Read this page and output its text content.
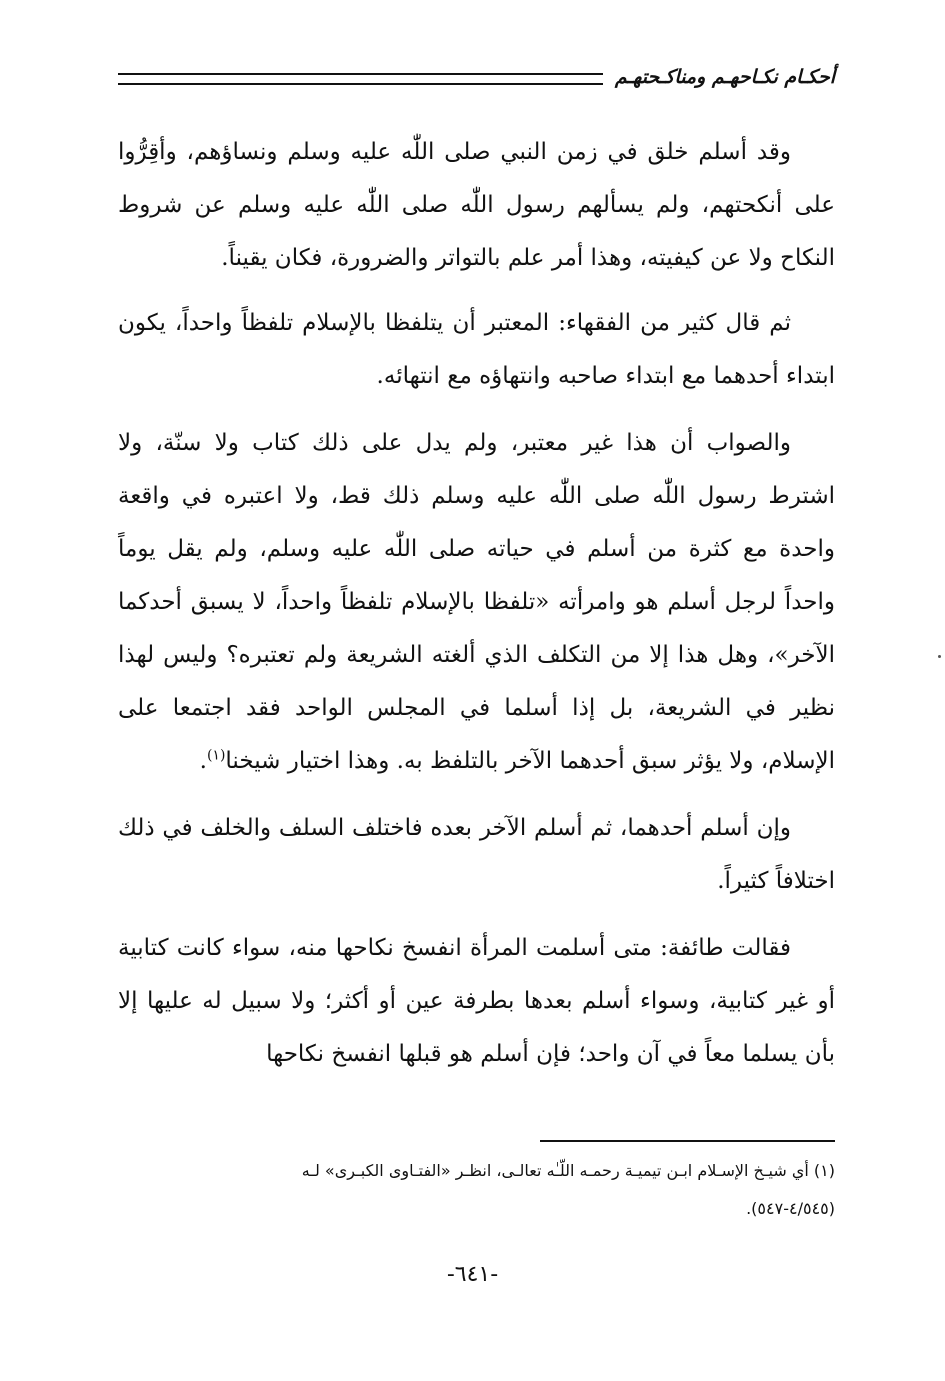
أحكـام نكـاحهـم ومناكـحتهـم

وقد أسلم خلق في زمن النبي صلى اللّٰه عليه وسلم ونساؤهم، وأقِرُّوا على أنكحتهم، ولم يسألهم رسول اللّٰه صلى اللّٰه عليه وسلم عن شروط النكاح ولا عن كيفيته، وهذا أمر علم بالتواتر والضرورة، فكان يقيناً.

ثم قال كثير من الفقهاء: المعتبر أن يتلفظا بالإسلام تلفظاً واحداً، يكون ابتداء أحدهما مع ابتداء صاحبه وانتهاؤه مع انتهائه.

والصواب أن هذا غير معتبر، ولم يدل على ذلك كتاب ولا سنّة، ولا اشترط رسول اللّٰه صلى اللّٰه عليه وسلم ذلك قط، ولا اعتبره في واقعة واحدة مع كثرة من أسلم في حياته صلى اللّٰه عليه وسلم، ولم يقل يوماً واحداً لرجل أسلم هو وامرأته «تلفظا بالإسلام تلفظاً واحداً، لا يسبق أحدكما الآخر»، وهل هذا إلا من التكلف الذي ألغته الشريعة ولم تعتبره؟ وليس لهذا نظير في الشريعة، بل إذا أسلما في المجلس الواحد فقد اجتمعا على الإسلام، ولا يؤثر سبق أحدهما الآخر بالتلفظ به. وهذا اختيار شيخنا$^{(١)}$.

وإن أسلم أحدهما، ثم أسلم الآخر بعده فاختلف السلف والخلف في ذلك اختلافاً كثيراً.

فقالت طائفة: متى أسلمت المرأة انفسخ نكاحها منه، سواء كانت كتابية أو غير كتابية، وسواء أسلم بعدها بطرفة عين أو أكثر؛ ولا سبيل له عليها إلا بأن يسلما معاً في آن واحد؛ فإن أسلم هو قبلها انفسخ نكاحها

(١) أي شيـخ الإسـلام ابـن تيميـة رحمـه اللّـٰه تعالـى، انظـر «الفتـاوى الكبـرى» لـه
(٤/٥٤٥-٥٤٧).
-٦٤١-
